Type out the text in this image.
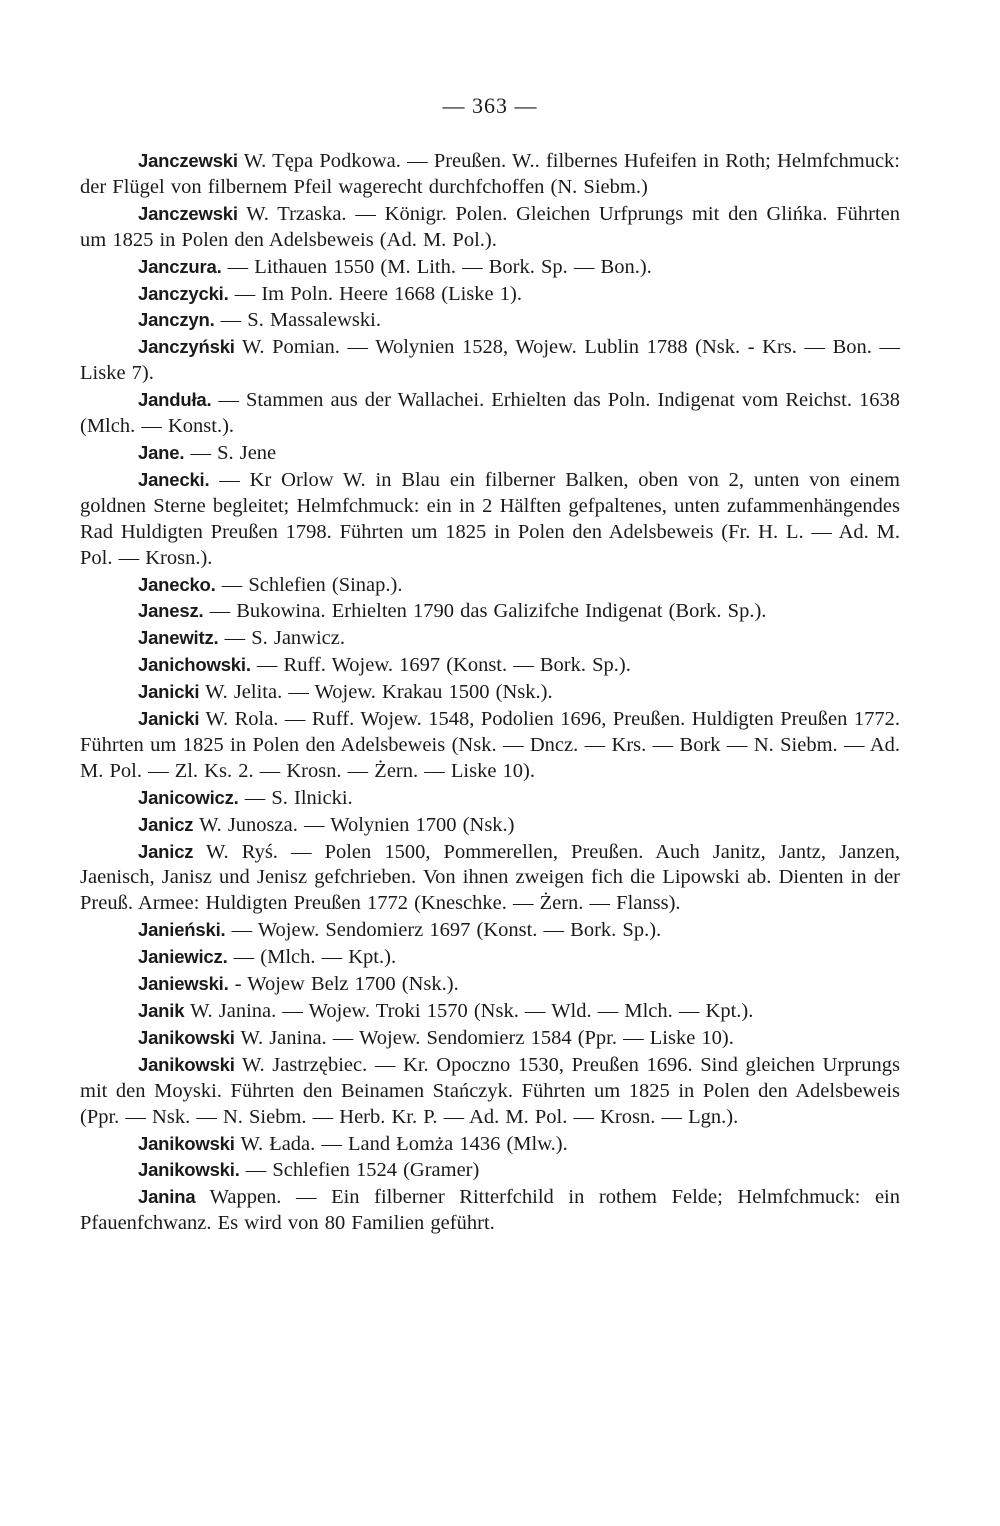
— 363 —

Janczewski W. Tępa Podkowa. — Preußen. W.. filbernes Hufeifen in Roth; Helmfchmuck: der Flügel von filbernem Pfeil wagerecht durchfchoffen (N. Siebm.)

Janczewski W. Trzaska. — Königr. Polen. Gleichen Urfprungs mit den Glińka. Führten um 1825 in Polen den Adelsbeweis (Ad. M. Pol.).

Janczura. — Lithauen 1550 (M. Lith. — Bork. Sp. — Bon.).

Janczycki. — Im Poln. Heere 1668 (Liske 1).

Janczyn. — S. Massalewski.

Janczyński W. Pomian. — Wolynien 1528, Wojew. Lublin 1788 (Nsk. - Krs. — Bon. — Liske 7).

Janduła. — Stammen aus der Wallachei. Erhielten das Poln. Indigenat vom Reichst. 1638 (Mlch. — Konst.).

Jane. — S. Jene

Janecki. — Kr Orlow W. in Blau ein filberner Balken, oben von 2, unten von einem goldnen Sterne begleitet; Helmfchmuck: ein in 2 Hälften gefpaltenes, unten zufammenhängendes Rad Huldigten Preußen 1798. Führten um 1825 in Polen den Adelsbeweis (Fr. H. L. — Ad. M. Pol. — Krosn.).

Janecko. — Schlefien (Sinap.).

Janesz. — Bukowina. Erhielten 1790 das Galizifche Indigenat (Bork. Sp.).

Janewitz. — S. Janwicz.

Janichowski. — Ruff. Wojew. 1697 (Konst. — Bork. Sp.).

Janicki W. Jelita. — Wojew. Krakau 1500 (Nsk.).

Janicki W. Rola. — Ruff. Wojew. 1548, Podolien 1696, Preußen. Huldigten Preußen 1772. Führten um 1825 in Polen den Adelsbeweis (Nsk. — Dncz. — Krs. — Bork — N. Siebm. — Ad. M. Pol. — Zl. Ks. 2. — Krosn. — Żern. — Liske 10).

Janicowicz. — S. Ilnicki.

Janicz W. Junosza. — Wolynien 1700 (Nsk.)

Janicz W. Ryś. — Polen 1500, Pommerellen, Preußen. Auch Janitz, Jantz, Janzen, Jaenisch, Janisz und Jenisz gefchrieben. Von ihnen zweigen fich die Lipowski ab. Dienten in der Preuß. Armee: Huldigten Preußen 1772 (Kneschke. — Żern. — Flanss).

Janieński. — Wojew. Sendomierz 1697 (Konst. — Bork. Sp.).

Janiewicz. — (Mlch. — Kpt.).

Janiewski. - Wojew Belz 1700 (Nsk.).

Janik W. Janina. — Wojew. Troki 1570 (Nsk. — Wld. — Mlch. — Kpt.).

Janikowski W. Janina. — Wojew. Sendomierz 1584 (Ppr. — Liske 10).

Janikowski W. Jastrzębiec. — Kr. Opoczno 1530, Preußen 1696. Sind gleichen Urprungs mit den Moyski. Führten den Beinamen Stańczyk. Führten um 1825 in Polen den Adelsbeweis (Ppr. — Nsk. — N. Siebm. — Herb. Kr. P. — Ad. M. Pol. — Krosn. — Lgn.).

Janikowski W. Łada. — Land Łomża 1436 (Mlw.).

Janikowski. — Schlefien 1524 (Gramer)

Janina Wappen. — Ein filberner Ritterfchild in rothem Felde; Helmfchmuck: ein Pfauenfchwanz. Es wird von 80 Familien geführt.
